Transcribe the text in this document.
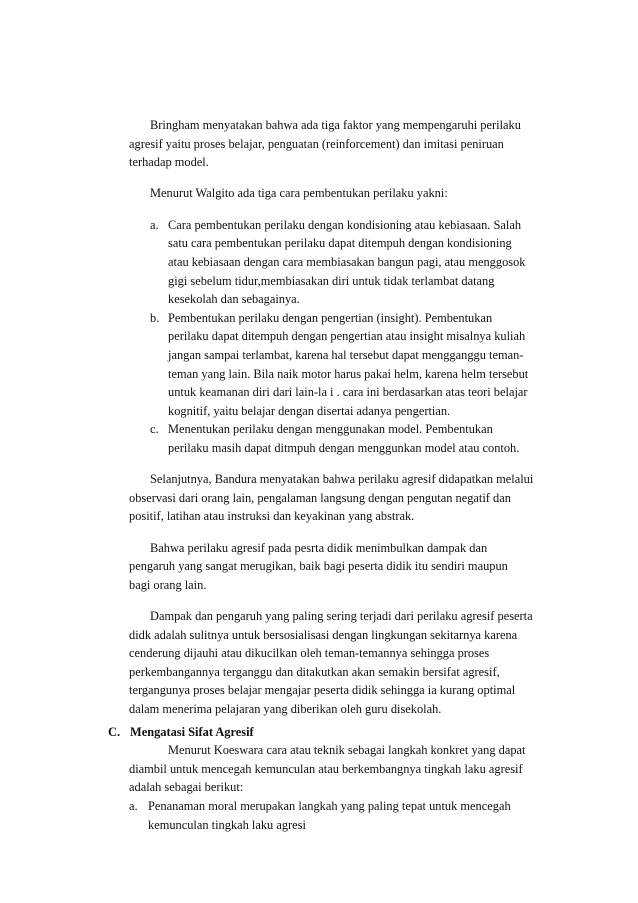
Bringham menyatakan bahwa ada tiga faktor yang mempengaruhi perilaku
agresif yaitu proses belajar, penguatan (reinforcement) dan imitasi peniruan
terhadap model.
Menurut Walgito ada tiga cara pembentukan perilaku yakni:
a. Cara pembentukan perilaku dengan kondisioning atau kebiasaan. Salah
satu cara pembentukan perilaku dapat ditempuh dengan kondisioning
atau kebiasaan dengan cara membiasakan bangun pagi, atau menggosok
gigi sebelum tidur,membiasakan diri untuk tidak terlambat datang
kesekolah dan sebagainya.
b. Pembentukan perilaku dengan pengertian (insight). Pembentukan
perilaku dapat ditempuh dengan pengertian atau insight misalnya kuliah
jangan sampai terlambat, karena hal tersebut dapat mengganggu teman-
teman yang lain. Bila naik motor harus pakai helm, karena helm tersebut
untuk keamanan diri dari lain-la i . cara ini berdasarkan atas teori belajar
kognitif, yaitu belajar dengan disertai adanya pengertian.
c. Menentukan perilaku dengan menggunakan model. Pembentukan
perilaku masih dapat ditmpuh dengan menggunkan model atau contoh.
Selanjutnya, Bandura menyatakan bahwa perilaku agresif didapatkan melalui
observasi dari orang lain, pengalaman langsung dengan pengutan negatif dan
positif, latihan atau instruksi dan keyakinan yang abstrak.
Bahwa perilaku agresif pada pesrta didik menimbulkan dampak dan
pengaruh yang sangat merugikan, baik bagi peserta didik itu sendiri maupun
bagi orang lain.
Dampak dan pengaruh yang paling sering terjadi dari perilaku agresif peserta
didk adalah sulitnya untuk bersosialisasi dengan lingkungan sekitarnya karena
cenderung dijauhi atau dikucilkan oleh teman-temannya sehingga proses
perkembangannya terganggu dan ditakutkan akan semakin bersifat agresif,
tergangunya proses belajar mengajar peserta didik sehingga ia kurang optimal
dalam menerima pelajaran yang diberikan oleh guru disekolah.
C. Mengatasi Sifat Agresif
Menurut Koeswara cara atau teknik sebagai langkah konkret yang dapat
diambil untuk mencegah kemunculan atau berkembangnya tingkah laku agresif
adalah sebagai berikut:
a. Penanaman moral merupakan langkah yang paling tepat untuk mencegah
kemunculan tingkah laku agresi
